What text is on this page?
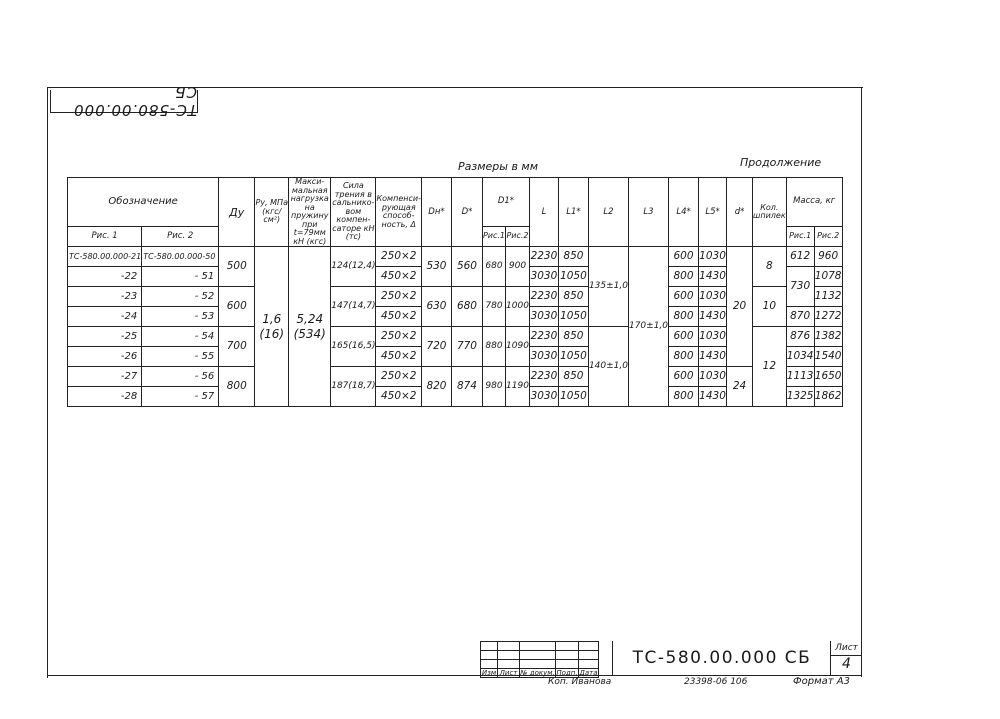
ТС-580.00.000 СБ
Размеры в мм	Продолжение
Обозначение		Ду	Ру, МПа (кгс/см²)	Макси- мальная нагрузка на пружину при t=79мм кН (кгс)	Сила трения в сальнико- вом компен- саторе кН (тс)	Компенси- рующая способ- ность, Δ	Dн*	D*	D1*		L	L1*	L2	L3	L4*	L5*	d*	Кол. шпилек	Масса, кг	
Рис. 1	Рис. 2								Рис.1	Рис.2									Рис.1	Рис.2
ТС-580.00.000-21	ТС-580.00.000-50	500	1,6 (16)	5,24 (534)	124(12,4)	250×2	530	560	680	900	2230	850	135±1,0	170±1,0	600	1030	20	8	612	960
-22	- 51					450×2					3030	1050			800	1430			730	1078
-23	- 52	600			147(14,7)	250×2	630	680	780	1000	2230	850			600	1030		10		1132
-24	- 53					450×2					3030	1050			800	1430			870	1272
-25	- 54	700			165(16,5)	250×2	720	770	880	1090	2230	850	140±1,0		600	1030		12	876	1382
-26	- 55					450×2					3030	1050			800	1430			1034	1540
-27	- 56	800			187(18,7)	250×2	820	874	980	1190	2230	850			600	1030	24		1113	1650
-28	- 57					450×2					3030	1050			800	1430			1325	1862

Изм	Лист	№ докум.	Подп.	Дата
ТС-580.00.000 СБ	Лист
4
Коп. Иванова	23398-06 106	Формат А3
